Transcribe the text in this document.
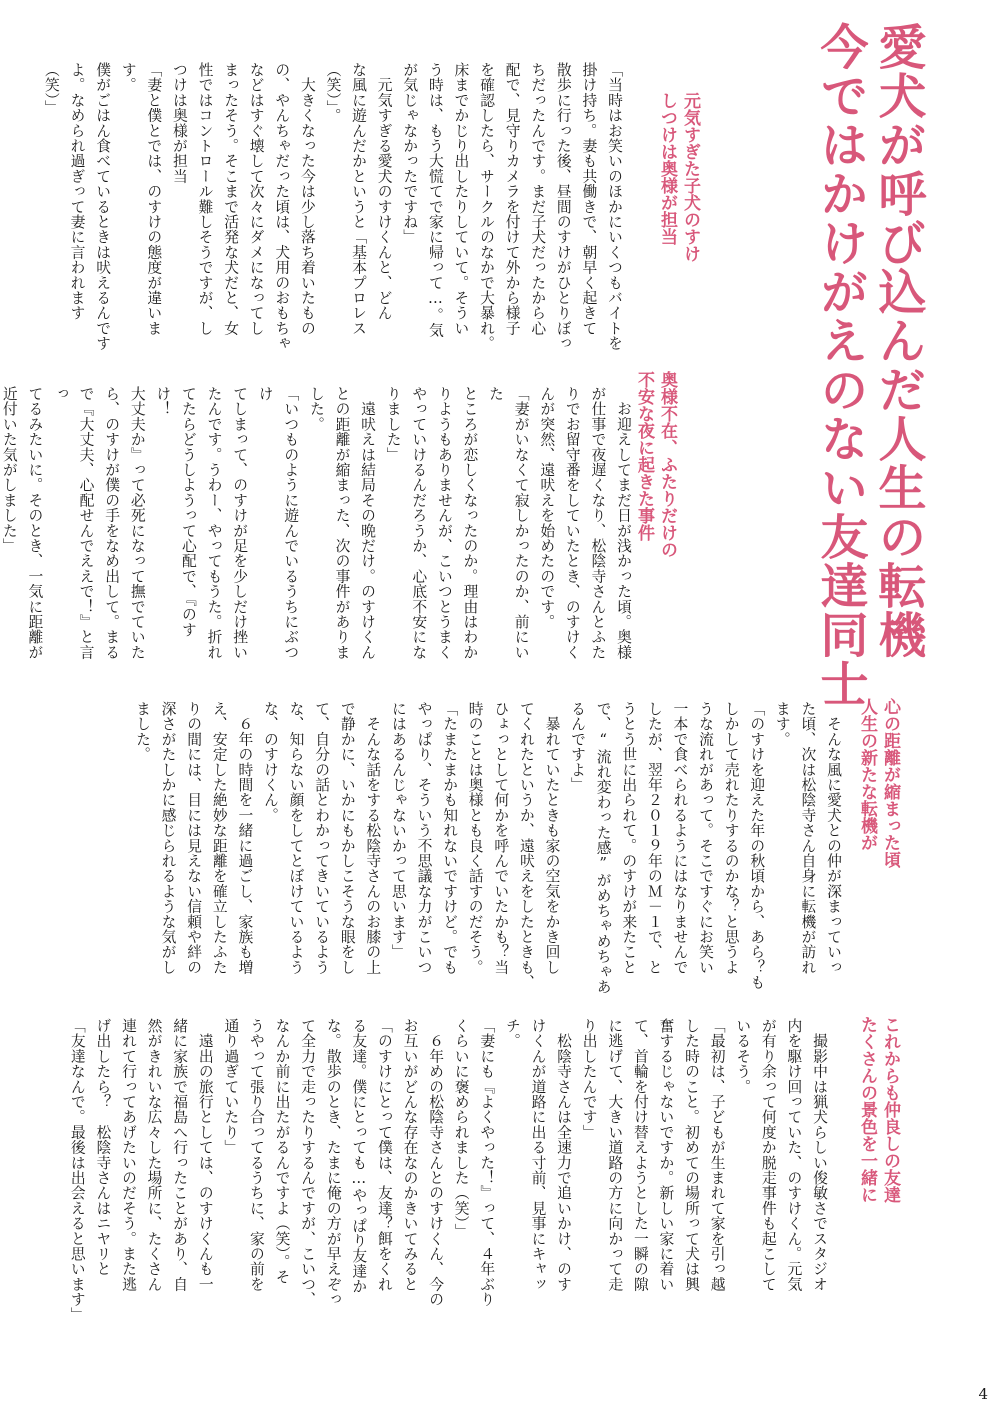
愛犬が呼び込んだ人生の転機
今ではかけがえのない友達同士
元気すぎた子犬のすけ
しつけは奥様が担当

「当時はお笑いのほかにいくつもバイトを
掛け持ち。妻も共働きで、朝早く起きて
散歩に行った後、昼間のすけがひとりぼっ
ちだったんです。まだ子犬だったから心
配で、見守りカメラを付けて外から様子
を確認したら、サークルのなかで大暴れ。
床までかじり出したりしていて。そうい
う時は、もう大慌てで家に帰って…。気
が気じゃなかったですね」
　元気すぎる愛犬のすけくんと、どん
な風に遊んだかというと「基本プロレス
（笑）」。
　大きくなった今は少し落ち着いたもの
の、やんちゃだった頃は、犬用のおもちゃ
などはすぐ壊して次々にダメになってし
まったそう。そこまで活発な犬だと、女
性ではコントロール難しそうですが、し
つけは奥様が担当
「妻と僕とでは、のすけの態度が違います。
僕がごはん食べているときは吠えるんです
よ。なめられ過ぎって妻に言われます（笑）」

奥様不在、ふたりだけの
不安な夜に起きた事件

　お迎えしてまだ日が浅かった頃。奥様
が仕事で夜遅くなり、松陰寺さんとふた
りでお留守番をしていたとき、のすけく
んが突然、遠吠えを始めたのです。
「妻がいなくて寂しかったのか、前にいた
ところが恋しくなったのか。理由はわか
りようもありませんが、こいつとうまく
やっていけるんだろうか、心底不安にな
りました」
　遠吠えは結局その晩だけ。のすけくん
との距離が縮まった、次の事件がありま
した。
「いつものように遊んでいるうちにぶつけ
てしまって、のすけが足を少しだけ挫い
たんです。うわー、やってもうた。折れ
てたらどうしようって心配で、『のすけ！
大丈夫か』って必死になって撫でていた
ら、のすけが僕の手をなめ出して。まる
で『大丈夫、心配せんでええで！』と言っ
てるみたいに。そのとき、一気に距離が
近付いた気がしました」

心の距離が縮まった頃
人生の新たな転機が

　そんな風に愛犬との仲が深まっていっ
た頃、次は松陰寺さん自身に転機が訪れ
ます。
「のすけを迎えた年の秋頃から、あら？も
しかして売れたりするのかな？と思うよ
うな流れがあって。そこですぐにお笑い
一本で食べられるようにはなりませんで
したが、翌年２０１９年のＭ－１で、と
うとう世に出られて。のすけが来たこと
で、“流れ変わった感”がめちゃめちゃあ
るんですよ」
　暴れていたときも家の空気をかき回し
てくれたというか、遠吠えをしたときも、
ひょっとして何かを呼んでいたかも？当
時のことは奥様とも良く話すのだそう。
「たまたまかも知れないですけど。でも
やっぱり、そういう不思議な力がこいつ
にはあるんじゃないかって思います」
　そんな話をする松陰寺さんのお膝の上
で静かに、いかにもかしこそうな眼をし
て、自分の話とわかってきいているよう
な、知らない顔をしてとぼけているよう
な、のすけくん。
　６年の時間を一緒に過ごし、家族も増
え、安定した絶妙な距離を確立したふた
りの間には、目には見えない信頼や絆の
深さがたしかに感じられるような気がし
ました。

これからも仲良しの友達
たくさんの景色を一緒に

　撮影中は猟犬らしい俊敏さでスタジオ
内を駆け回っていた、のすけくん。元気
が有り余って何度か脱走事件も起こして
いるそう。
「最初は、子どもが生まれて家を引っ越
した時のこと。初めての場所って犬は興
奮するじゃないですか。新しい家に着い
て、首輪を付け替えようとした一瞬の隙
に逃げて、大きい道路の方に向かって走
り出したんです」
　松陰寺さんは全速力で追いかけ、のす
けくんが道路に出る寸前、見事にキャッチ。
「妻にも『よくやった！』って、４年ぶり
くらいに褒められました（笑）」
　６年めの松陰寺さんとのすけくん、今の
お互いがどんな存在なのかきいてみると
「のすけにとって僕は、友達？餌をくれ
る友達。僕にとっても…やっぱり友達か
な。散歩のとき、たまに俺の方が早えぞっ
て全力で走ったりするんですが、こいつ、
なんか前に出たがるんですよ（笑）。そ
うやって張り合ってるうちに、家の前を
通り過ぎていたり」
　遠出の旅行としては、のすけくんも一
緒に家族で福島へ行ったことがあり、自
然がきれいな広々した場所に、たくさん
連れて行ってあげたいのだそう。また逃
げ出したら？　松陰寺さんはニヤリと
「友達なんで。最後は出会えると思います」

4
